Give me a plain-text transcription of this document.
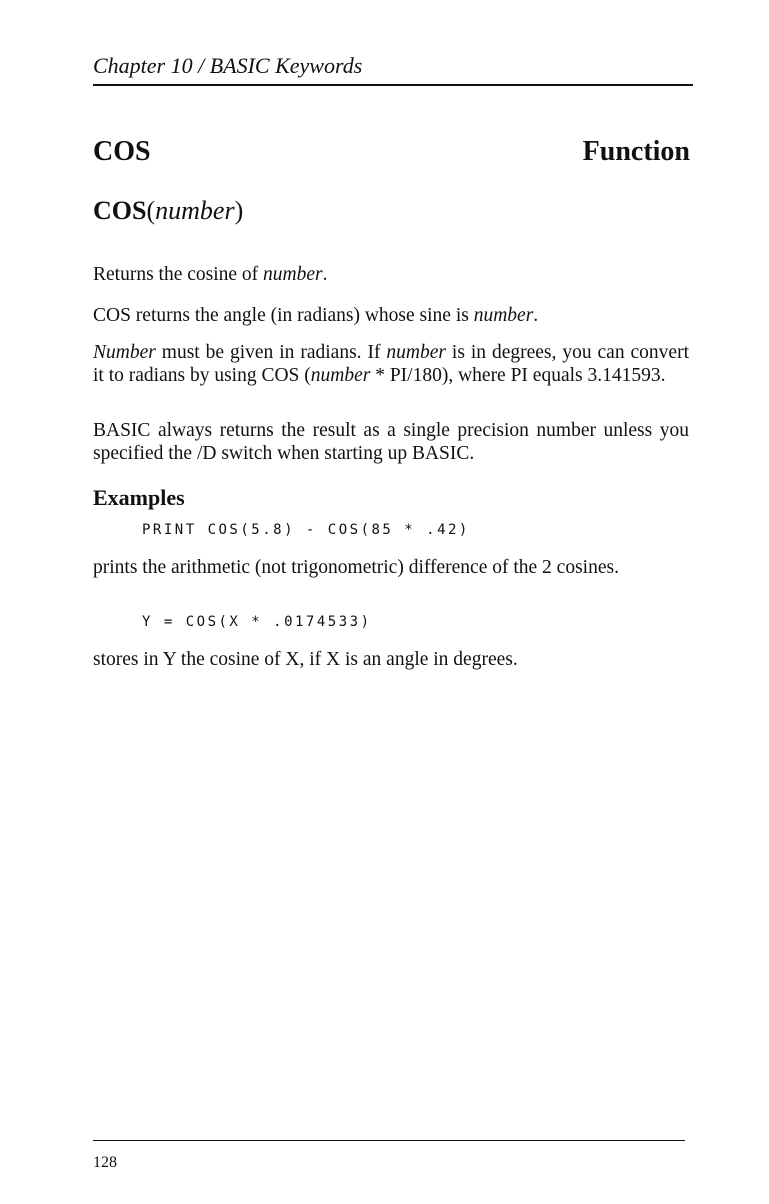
Chapter 10 / BASIC Keywords
COS	Function
COS(number)
Returns the cosine of number.
COS returns the angle (in radians) whose sine is number.
Number must be given in radians. If number is in degrees, you can convert it to radians by using COS (number * PI/180), where PI equals 3.141593.
BASIC always returns the result as a single precision number unless you specified the /D switch when starting up BASIC.
Examples
PRINT COS(5.8) - COS(85 * .42)
prints the arithmetic (not trigonometric) difference of the 2 cosines.
Y = COS(X * .0174533)
stores in Y the cosine of X, if X is an angle in degrees.
128
